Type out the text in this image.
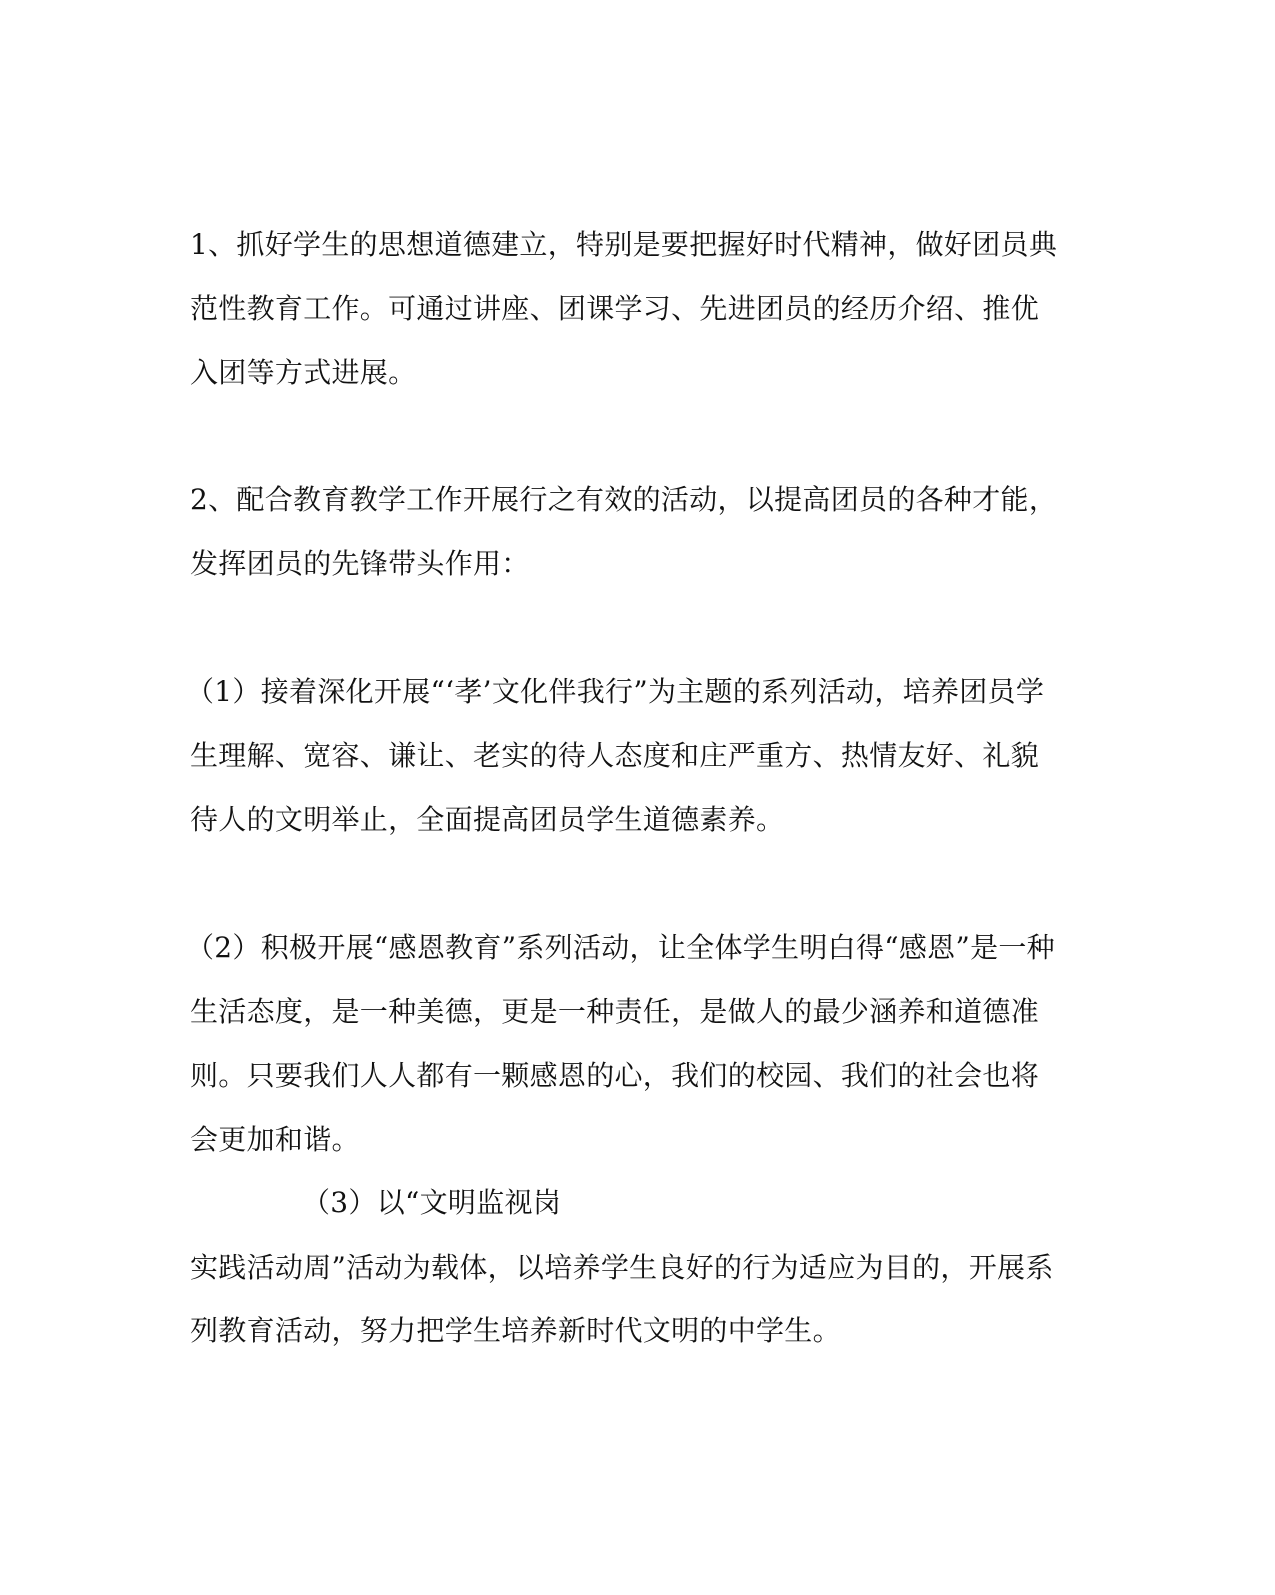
1、抓好学生的思想道德建立，特别是要把握好时代精神，做好团员典
范性教育工作。可通过讲座、团课学习、先进团员的经历介绍、推优
入团等方式进展。
2、配合教育教学工作开展行之有效的活动，以提高团员的各种才能，
发挥团员的先锋带头作用：
（1）接着深化开展“‘孝’文化伴我行”为主题的系列活动，培养团员学
生理解、宽容、谦让、老实的待人态度和庄严重方、热情友好、礼貌
待人的文明举止，全面提高团员学生道德素养。
（2）积极开展“感恩教育”系列活动，让全体学生明白得“感恩”是一种
生活态度，是一种美德，更是一种责任，是做人的最少涵养和道德准
则。只要我们人人都有一颗感恩的心，我们的校园、我们的社会也将
会更加和谐。
（3）以“文明监视岗
实践活动周”活动为载体，以培养学生良好的行为适应为目的，开展系
列教育活动，努力把学生培养新时代文明的中学生。
